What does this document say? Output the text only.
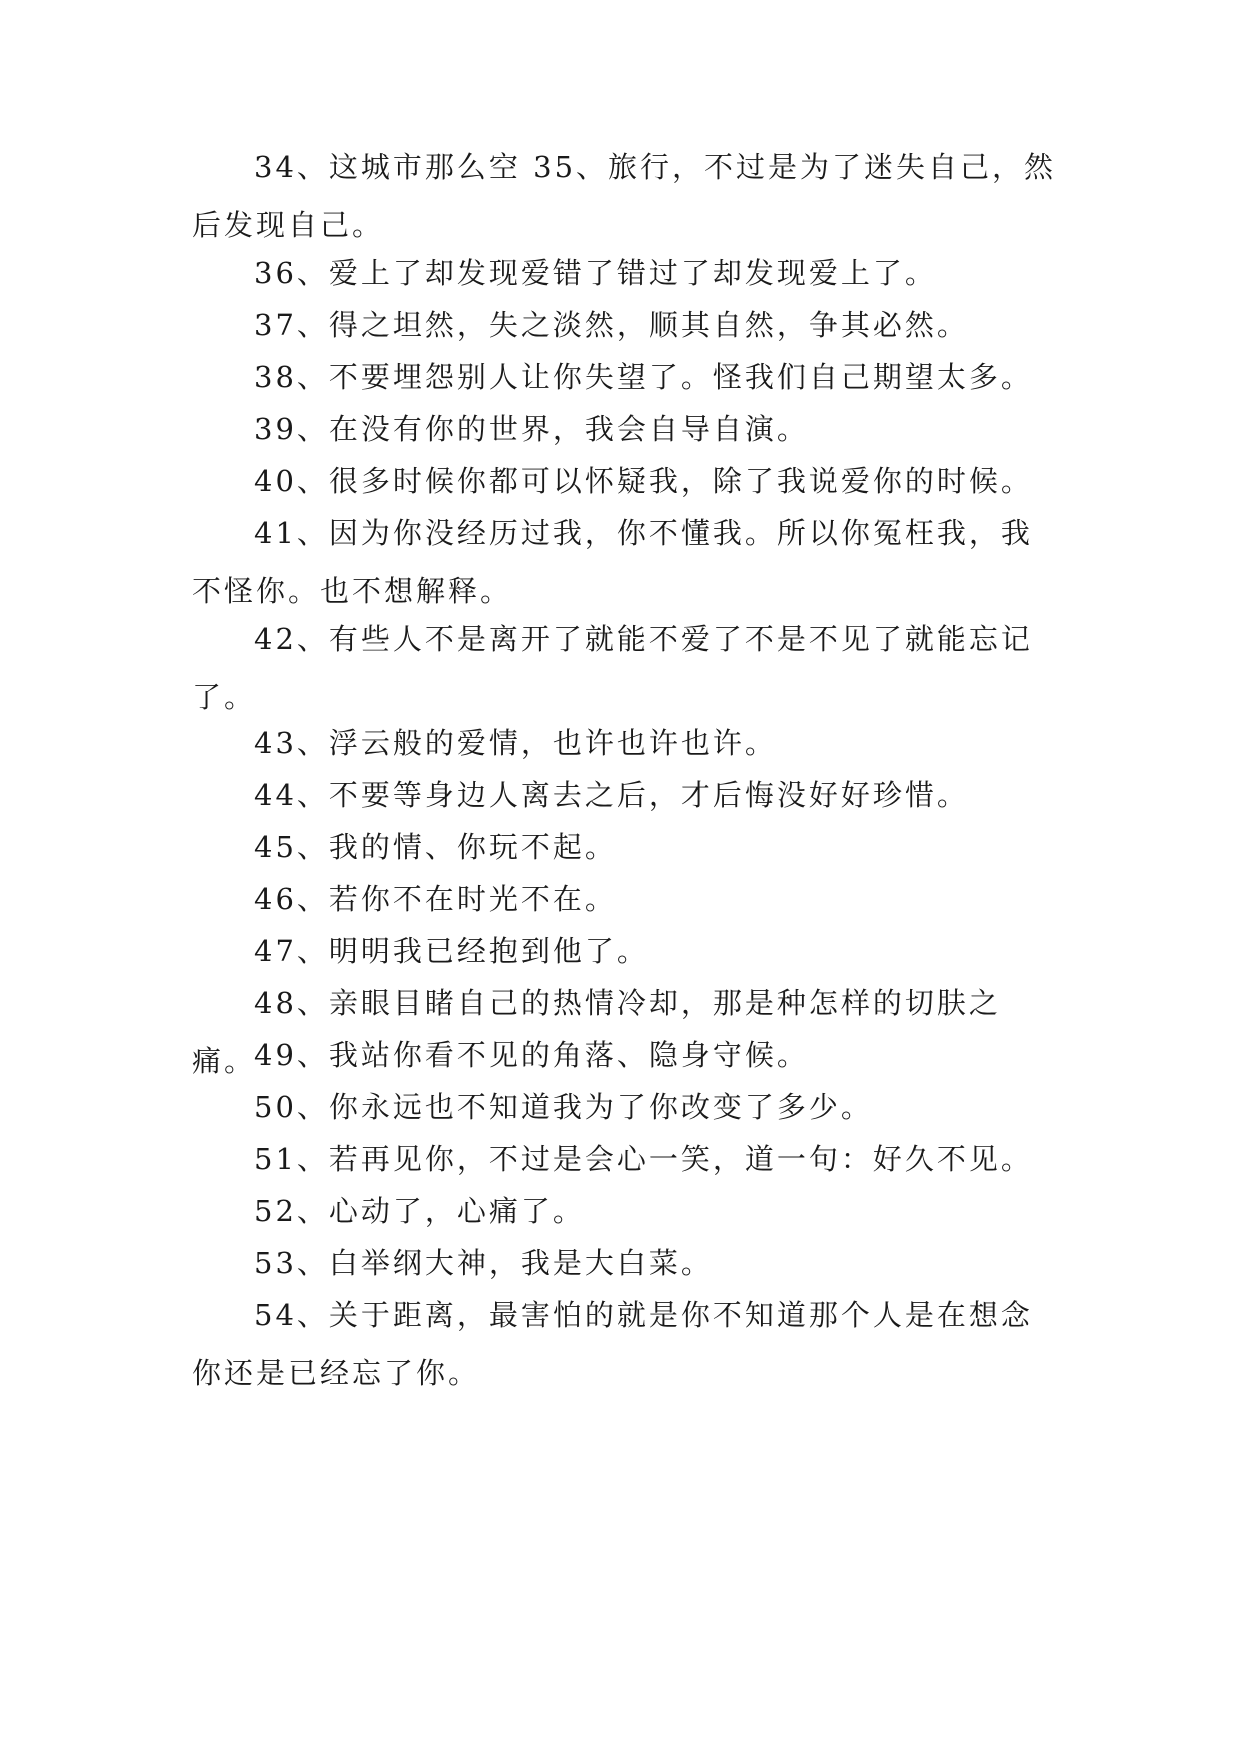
34、这城市那么空 35、旅行，不过是为了迷失自己，然后发现自己。

36、爱上了却发现爱错了错过了却发现爱上了。

37、得之坦然，失之淡然，顺其自然，争其必然。

38、不要埋怨别人让你失望了。怪我们自己期望太多。

39、在没有你的世界，我会自导自演。

40、很多时候你都可以怀疑我，除了我说爱你的时候。

41、因为你没经历过我，你不懂我。所以你冤枉我，我不怪你。也不想解释。

42、有些人不是离开了就能不爱了不是不见了就能忘记了。

43、浮云般的爱情，也许也许也许。

44、不要等身边人离去之后，才后悔没好好珍惜。

45、我的情、你玩不起。

46、若你不在时光不在。

47、明明我已经抱到他了。

48、亲眼目睹自己的热情冷却，那是种怎样的切肤之痛。

49、我站你看不见的角落、隐身守候。

50、你永远也不知道我为了你改变了多少。

51、若再见你，不过是会心一笑，道一句：好久不见。

52、心动了，心痛了。

53、白举纲大神，我是大白菜。

54、关于距离，最害怕的就是你不知道那个人是在想念你还是已经忘了你。
